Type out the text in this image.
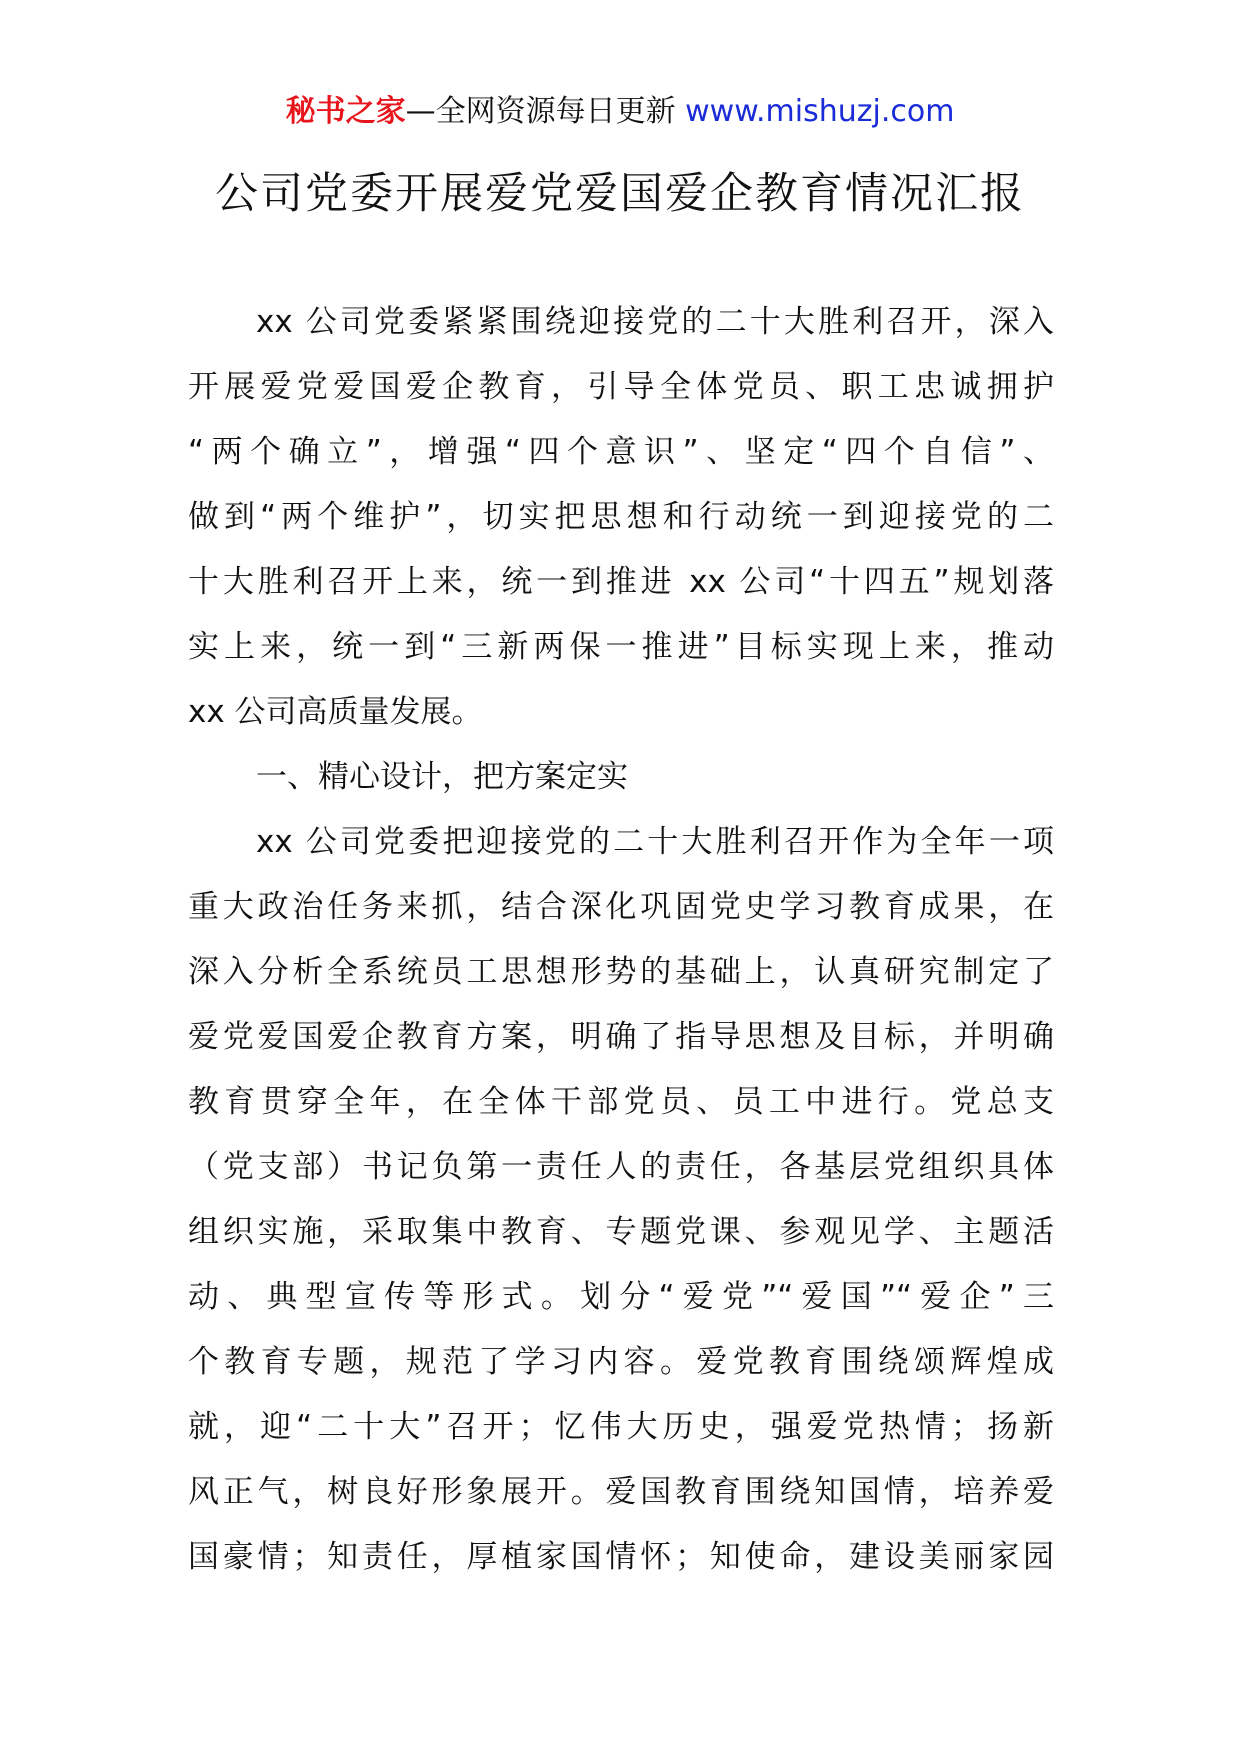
秘书之家—全网资源每日更新 www.mishuzj.com
公司党委开展爱党爱国爱企教育情况汇报
xx 公司党委紧紧围绕迎接党的二十大胜利召开，深入
开展爱党爱国爱企教育，引导全体党员、职工忠诚拥护
“两个确立”，增强“四个意识”、坚定“四个自信”、
做到“两个维护”，切实把思想和行动统一到迎接党的二
十大胜利召开上来，统一到推进 xx 公司“十四五”规划落
实上来，统一到“三新两保一推进”目标实现上来，推动
xx 公司高质量发展。
一、精心设计，把方案定实
xx 公司党委把迎接党的二十大胜利召开作为全年一项
重大政治任务来抓，结合深化巩固党史学习教育成果，在
深入分析全系统员工思想形势的基础上，认真研究制定了
爱党爱国爱企教育方案，明确了指导思想及目标，并明确
教育贯穿全年，在全体干部党员、员工中进行。党总支
（党支部）书记负第一责任人的责任，各基层党组织具体
组织实施，采取集中教育、专题党课、参观见学、主题活
动、典型宣传等形式。划分“爱党”“爱国”“爱企”三
个教育专题，规范了学习内容。爱党教育围绕颂辉煌成
就，迎“二十大”召开；忆伟大历史，强爱党热情；扬新
风正气，树良好形象展开。爱国教育围绕知国情，培养爱
国豪情；知责任，厚植家国情怀；知使命，建设美丽家园
